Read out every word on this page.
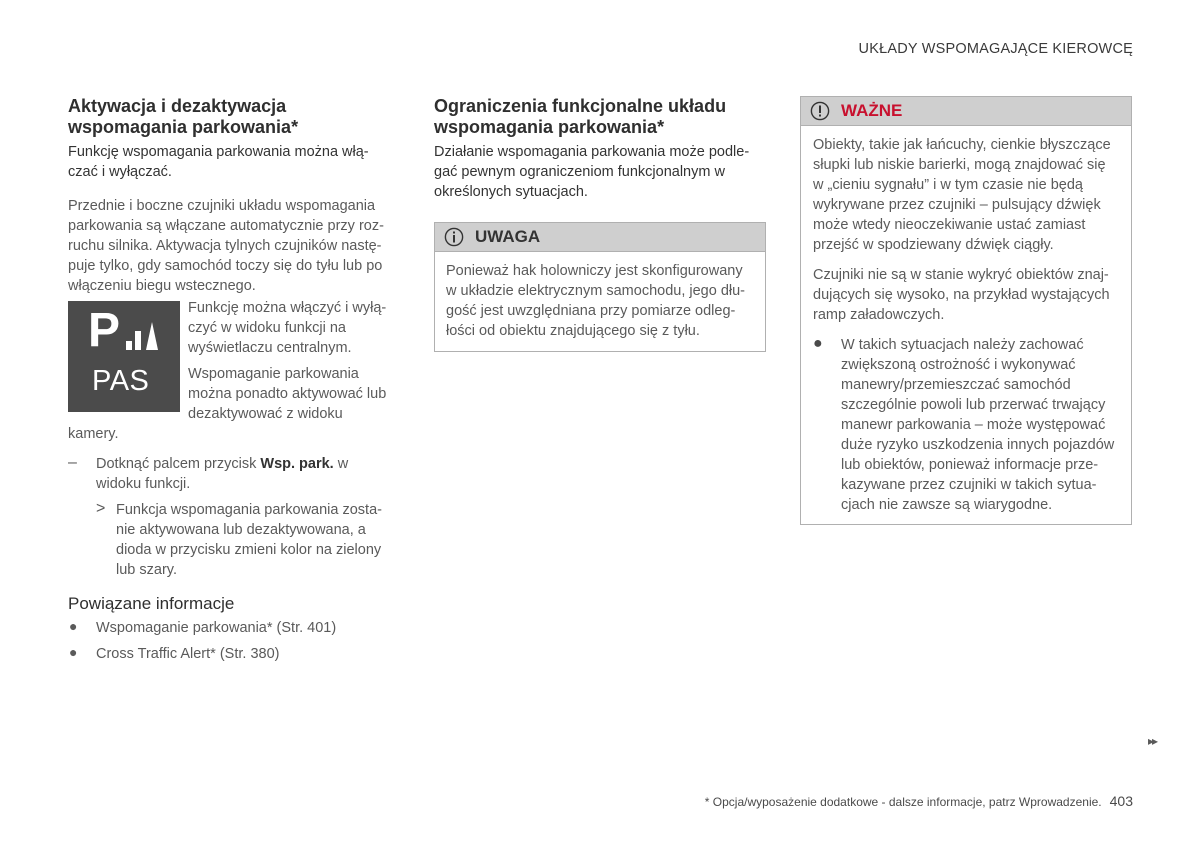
UKŁADY WSPOMAGAJĄCE KIEROWCĘ
Aktywacja i dezaktywacja wspomagania parkowania*

Funkcję wspomagania parkowania można włą-czać i wyłączać.

Przednie i boczne czujniki układu wspomagania parkowania są włączane automatycznie przy roz-ruchu silnika. Aktywacja tylnych czujników nastę-puje tylko, gdy samochód toczy się do tyłu lub po włączeniu biegu wstecznego.

P
PAS

Funkcję można włączyć i wyłą-czyć w widoku funkcji na wyświetlaczu centralnym.

Wspomaganie parkowania można ponadto aktywować lub dezaktywować z widoku kamery.

– Dotknąć palcem przycisk Wsp. park. w widoku funkcji.

> Funkcja wspomagania parkowania zosta-nie aktywowana lub dezaktywowana, a dioda w przycisku zmieni kolor na zielony lub szary.

Powiązane informacje
● Wspomaganie parkowania* (Str. 401)

● Cross Traffic Alert* (Str. 380)

Ograniczenia funkcjonalne układu wspomagania parkowania*

Działanie wspomagania parkowania może podle-gać pewnym ograniczeniom funkcjonalnym w określonych sytuacjach.

UWAGA

Ponieważ hak holowniczy jest skonfigurowany w układzie elektrycznym samochodu, jego dłu-gość jest uwzględniana przy pomiarze odleg-łości od obiektu znajdującego się z tyłu.

WAŻNE

Obiekty, takie jak łańcuchy, cienkie błyszczące słupki lub niskie barierki, mogą znajdować się w „cieniu sygnału” i w tym czasie nie będą wykrywane przez czujniki – pulsujący dźwięk może wtedy nieoczekiwanie ustać zamiast przejść w spodziewany dźwięk ciągły.

Czujniki nie są w stanie wykryć obiektów znaj-dujących się wysoko, na przykład wystających ramp załadowczych.

● W takich sytuacjach należy zachować zwiększoną ostrożność i wykonywać manewry/przemieszczać samochód szczególnie powoli lub przerwać trwający manewr parkowania – może występować duże ryzyko uszkodzenia innych pojazdów lub obiektów, ponieważ informacje prze-kazywane przez czujniki w takich sytua-cjach nie zawsze są wiarygodne.

▸▸
* Opcja/wyposażenie dodatkowe - dalsze informacje, patrz Wprowadzenie. 403
